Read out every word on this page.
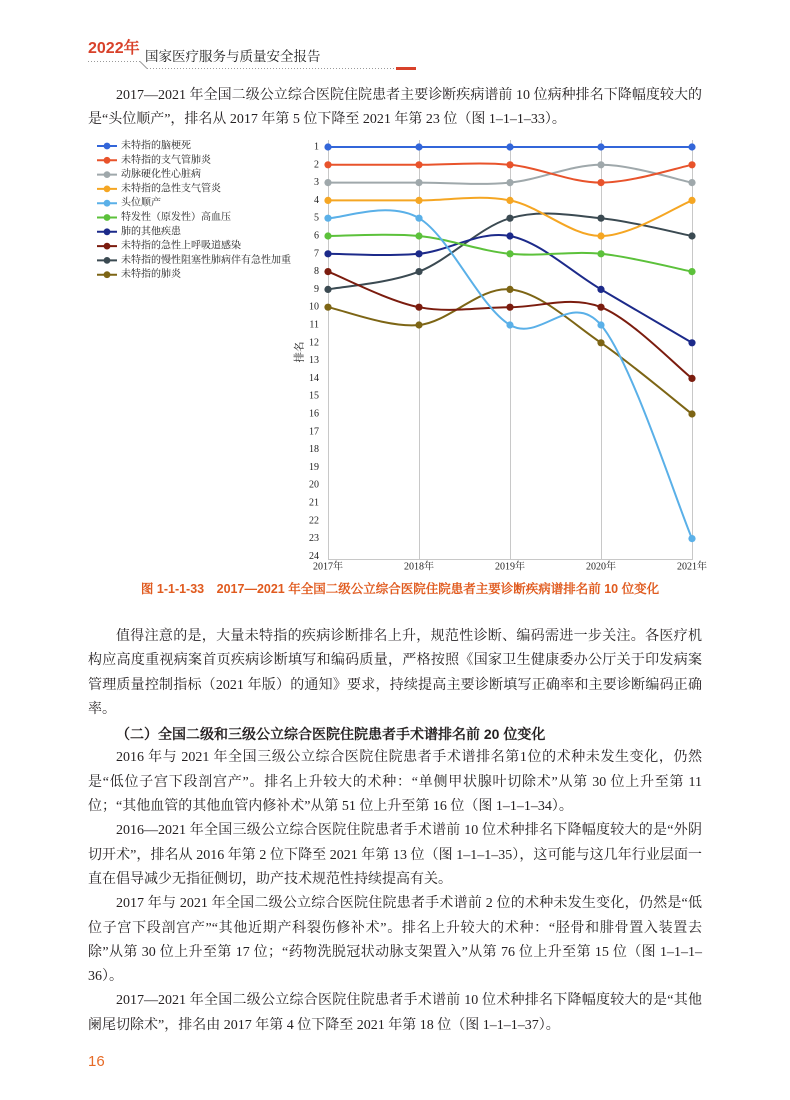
2022年 国家医疗服务与质量安全报告

2017—2021 年全国二级公立综合医院住院患者主要诊断疾病谱前 10 位病种排名下降幅度较大的是“头位顺产”，排名从 2017 年第 5 位下降至 2021 年第 23 位（图 1–1–1–33）。

1
2
3
4
5
6
7
8
9
10
11
12
13
14
15
16
17
18
19
20
21
22
23
24
2017年	2018年	2019年	2020年	2021年
排名
未特指的脑梗死
未特指的支气管肺炎
动脉硬化性心脏病
未特指的急性支气管炎
头位顺产
特发性（原发性）高血压
肺的其他疾患
未特指的急性上呼吸道感染
未特指的慢性阻塞性肺病伴有急性加重
未特指的肺炎
图 1-1-1-33 2017—2021 年全国二级公立综合医院住院患者主要诊断疾病谱排名前 10 位变化

值得注意的是，大量未特指的疾病诊断排名上升，规范性诊断、编码需进一步关注。各医疗机构应高度重视病案首页疾病诊断填写和编码质量，严格按照《国家卫生健康委办公厅关于印发病案管理质量控制指标（2021 年版）的通知》要求，持续提高主要诊断填写正确率和主要诊断编码正确率。

（二）全国二级和三级公立综合医院住院患者手术谱排名前 20 位变化

2016 年与 2021 年全国三级公立综合医院住院患者手术谱排名第1位的术种未发生变化，仍然是“低位子宫下段剖宫产”。排名上升较大的术种：“单侧甲状腺叶切除术”从第 30 位上升至第 11 位；“其他血管的其他血管内修补术”从第 51 位上升至第 16 位（图 1–1–1–34）。

2016—2021 年全国三级公立综合医院住院患者手术谱前 10 位术种排名下降幅度较大的是“外阴切开术”，排名从 2016 年第 2 位下降至 2021 年第 13 位（图 1–1–1–35），这可能与这几年行业层面一直在倡导减少无指征侧切，助产技术规范性持续提高有关。

2017 年与 2021 年全国二级公立综合医院住院患者手术谱前 2 位的术种未发生变化，仍然是“低位子宫下段剖宫产”“其他近期产科裂伤修补术”。排名上升较大的术种：“胫骨和腓骨置入装置去除”从第 30 位上升至第 17 位；“药物洗脱冠状动脉支架置入”从第 76 位上升至第 15 位（图 1–1–1–36）。

2017—2021 年全国二级公立综合医院住院患者手术谱前 10 位术种排名下降幅度较大的是“其他阑尾切除术”，排名由 2017 年第 4 位下降至 2021 年第 18 位（图 1–1–1–37）。

16
